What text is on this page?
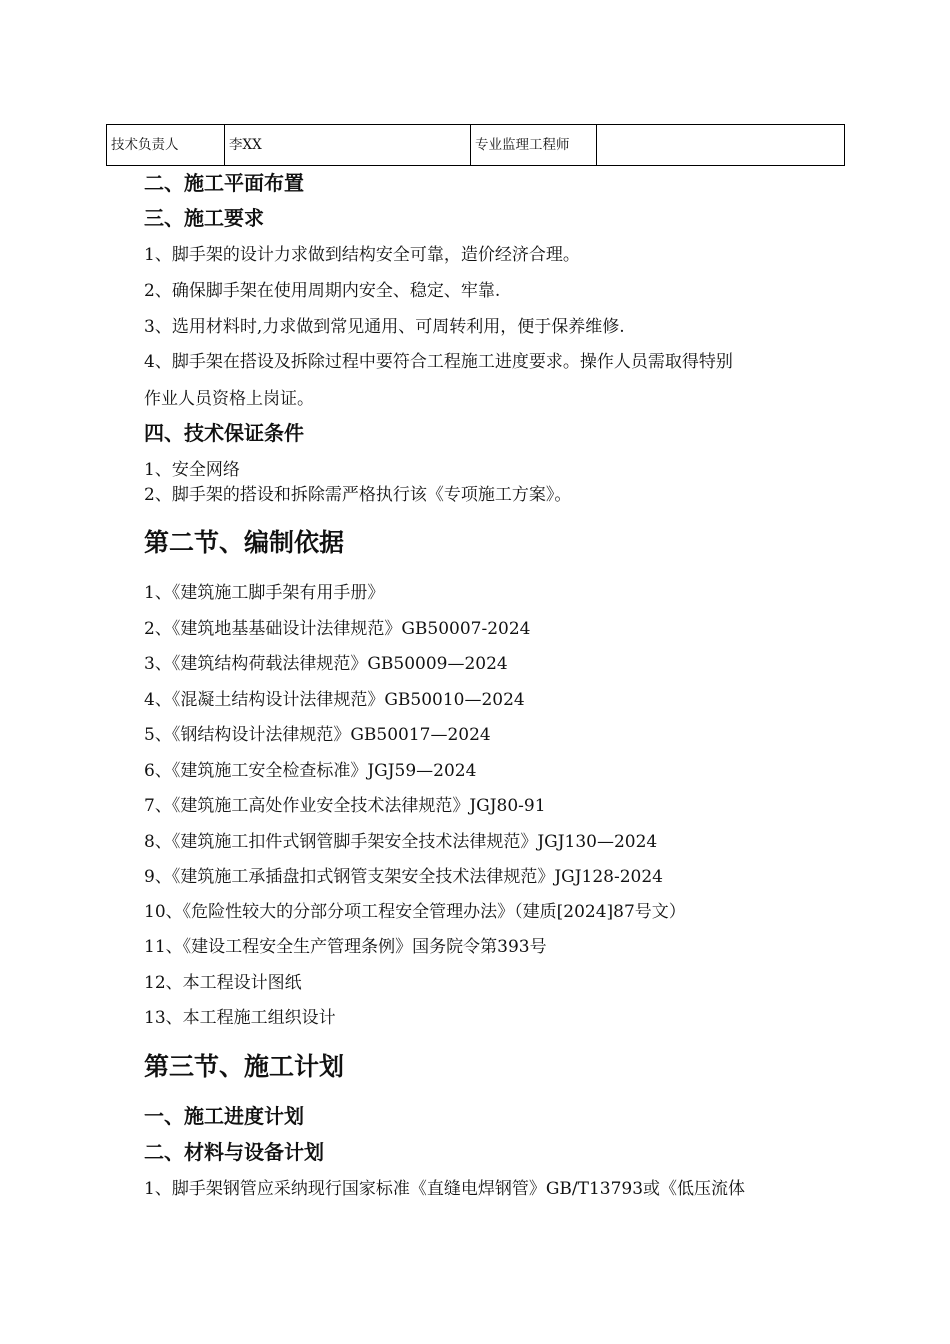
技术负责人	李XX	专业监理工程师	
二、施工平面布置
三、施工要求
1、脚手架的设计力求做到结构安全可靠，造价经济合理。
2、确保脚手架在使用周期内安全、稳定、牢靠.
3、选用材料时,力求做到常见通用、可周转利用，便于保养维修.
4、脚手架在搭设及拆除过程中要符合工程施工进度要求。操作人员需取得特别
作业人员资格上岗证。
四、技术保证条件
1、安全网络
2、脚手架的搭设和拆除需严格执行该《专项施工方案》。
第二节、编制依据
1、《建筑施工脚手架有用手册》
2、《建筑地基基础设计法律规范》GB50007-2024
3、《建筑结构荷载法律规范》GB50009—2024
4、《混凝土结构设计法律规范》GB50010—2024
5、《钢结构设计法律规范》GB50017—2024
6、《建筑施工安全检查标准》JGJ59—2024
7、《建筑施工高处作业安全技术法律规范》JGJ80-91
8、《建筑施工扣件式钢管脚手架安全技术法律规范》JGJ130—2024
9、《建筑施工承插盘扣式钢管支架安全技术法律规范》JGJ128-2024
10、《危险性较大的分部分项工程安全管理办法》（建质[2024]87号文）
11、《建设工程安全生产管理条例》国务院令第393号
12、本工程设计图纸
13、本工程施工组织设计
第三节、施工计划
一、施工进度计划
二、材料与设备计划
1、脚手架钢管应采纳现行国家标准《直缝电焊钢管》GB/T13793或《低压流体
